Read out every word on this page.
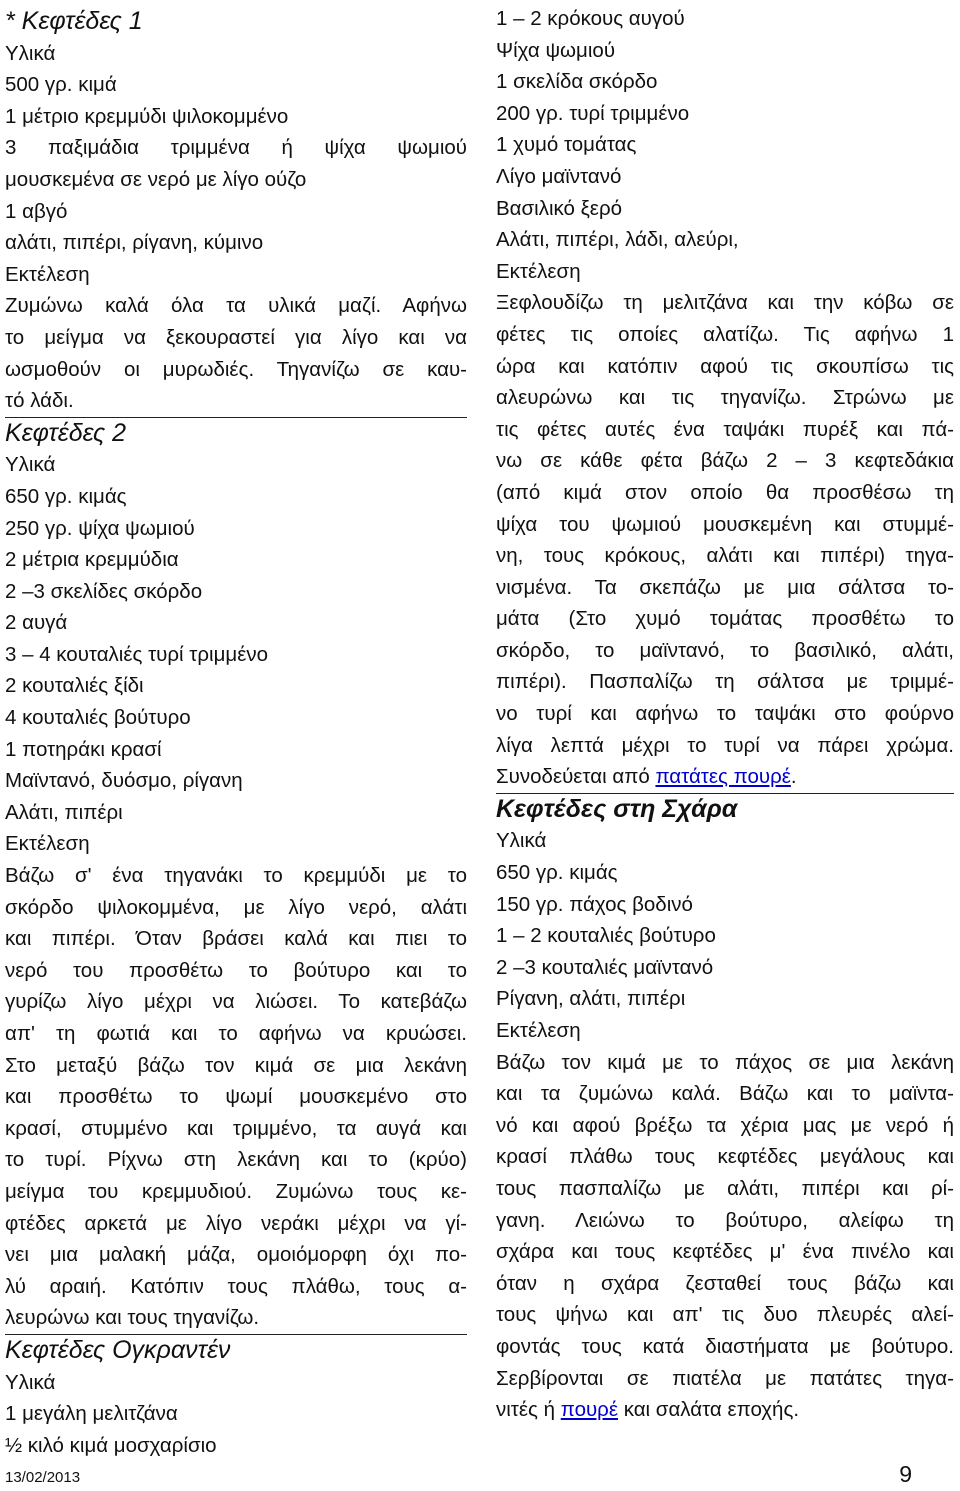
* Κεφτέδες 1
Υλικά
500 γρ. κιμά
1 μέτριο κρεμμύδι ψιλοκομμένο
3 παξιμάδια τριμμένα ή ψίχα ψωμιού
μουσκεμένα σε νερό με λίγο ούζο
1 αβγό
αλάτι, πιπέρι, ρίγανη, κύμινο
Εκτέλεση
Ζυμώνω καλά όλα τα υλικά μαζί. Αφήνω
το μείγμα να ξεκουραστεί για λίγο και να
ωσμοθούν οι μυρωδιές. Τηγανίζω σε καυ-
τό λάδι.
Κεφτέδες 2
Υλικά
650 γρ. κιμάς
250 γρ. ψίχα ψωμιού
2 μέτρια κρεμμύδια
2 –3 σκελίδες σκόρδο
2 αυγά
3 – 4 κουταλιές τυρί τριμμένο
2 κουταλιές ξίδι
4 κουταλιές βούτυρο
1 ποτηράκι κρασί
Μαϊντανό, δυόσμο, ρίγανη
Αλάτι, πιπέρι
Εκτέλεση
Βάζω σ' ένα τηγανάκι το κρεμμύδι με το
σκόρδο ψιλοκομμένα, με λίγο νερό, αλάτι
και πιπέρι. Όταν βράσει καλά και πιει το
νερό του προσθέτω το βούτυρο και το
γυρίζω λίγο μέχρι να λιώσει. Το κατεβάζω
απ' τη φωτιά και το αφήνω να κρυώσει.
Στο μεταξύ βάζω τον κιμά σε μια λεκάνη
και προσθέτω το ψωμί μουσκεμένο στο
κρασί, στυμμένο και τριμμένο, τα αυγά και
το τυρί. Ρίχνω στη λεκάνη και το (κρύο)
μείγμα του κρεμμυδιού. Ζυμώνω τους κε-
φτέδες αρκετά με λίγο νεράκι μέχρι να γί-
νει μια μαλακή μάζα, ομοιόμορφη όχι πο-
λύ αραιή. Κατόπιν τους πλάθω, τους α-
λευρώνω και τους τηγανίζω.
Κεφτέδες Ογκραντέν
Υλικά
1 μεγάλη μελιτζάνα
½ κιλό κιμά μοσχαρίσιο
1 – 2 κρόκους αυγού
Ψίχα ψωμιού
1 σκελίδα σκόρδο
200 γρ. τυρί τριμμένο
1 χυμό τομάτας
Λίγο μαϊντανό
Βασιλικό ξερό
Αλάτι, πιπέρι, λάδι, αλεύρι,
Εκτέλεση
Ξεφλουδίζω τη μελιτζάνα και την κόβω σε
φέτες τις οποίες αλατίζω. Τις αφήνω 1
ώρα και κατόπιν αφού τις σκουπίσω τις
αλευρώνω και τις τηγανίζω. Στρώνω με
τις φέτες αυτές ένα ταψάκι πυρέξ και πά-
νω σε κάθε φέτα βάζω 2 – 3 κεφτεδάκια
(από κιμά στον οποίο θα προσθέσω τη
ψίχα του ψωμιού μουσκεμένη και στυμμέ-
νη, τους κρόκους, αλάτι και πιπέρι) τηγα-
νισμένα. Τα σκεπάζω με μια σάλτσα το-
μάτα (Στο χυμό τομάτας προσθέτω το
σκόρδο, το μαϊντανό, το βασιλικό, αλάτι,
πιπέρι). Πασπαλίζω τη σάλτσα με τριμμέ-
νο τυρί και αφήνω το ταψάκι στο φούρνο
λίγα λεπτά μέχρι το τυρί να πάρει χρώμα.
Συνοδεύεται από πατάτες πουρέ.
Κεφτέδες στη Σχάρα
Υλικά
650 γρ. κιμάς
150 γρ. πάχος βοδινό
1 – 2 κουταλιές βούτυρο
2 –3 κουταλιές μαϊντανό
Ρίγανη, αλάτι, πιπέρι
Εκτέλεση
Βάζω τον κιμά με το πάχος σε μια λεκάνη
και τα ζυμώνω καλά. Βάζω και το μαϊντα-
νό και αφού βρέξω τα χέρια μας με νερό ή
κρασί πλάθω τους κεφτέδες μεγάλους και
τους πασπαλίζω με αλάτι, πιπέρι και ρί-
γανη. Λειώνω το βούτυρο, αλείφω τη
σχάρα και τους κεφτέδες μ' ένα πινέλο και
όταν η σχάρα ζεσταθεί τους βάζω και
τους ψήνω και απ' τις δυο πλευρές αλεί-
φοντάς τους κατά διαστήματα με βούτυρο.
Σερβίρονται σε πιατέλα με πατάτες τηγα-
νιτές ή πουρέ και σαλάτα εποχής.
13/02/2013	9
